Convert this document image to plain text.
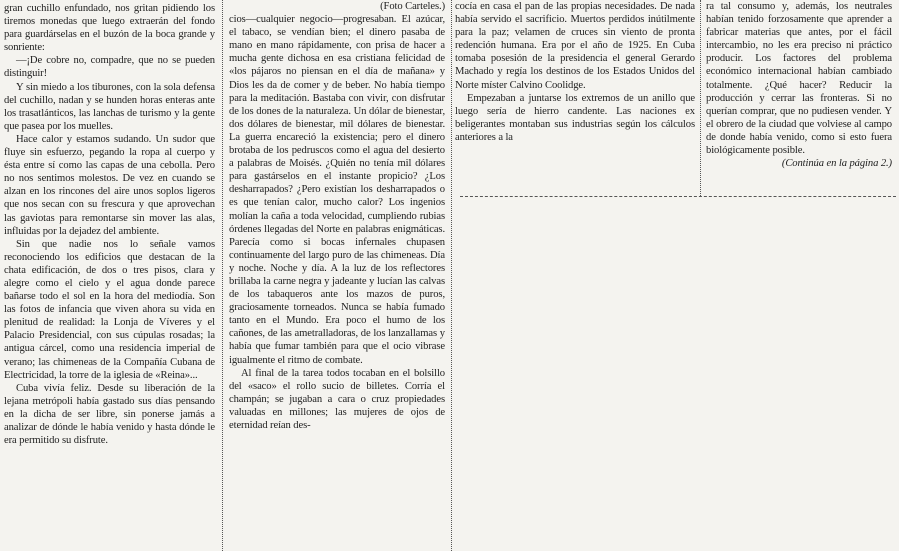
gran cuchillo enfundado, nos gritan pidiendo los tiremos monedas que luego extraerán del fondo para guardárselas en el buzón de la boca grande y sonriente:

—¡De cobre no, compadre, que no se pueden distinguir!

Y sin miedo a los tiburones, con la sola defensa del cuchillo, nadan y se hunden horas enteras ante los trasatlánticos, las lanchas de turismo y la gente que pasea por los muelles.

Hace calor y estamos sudando. Un sudor que fluye sin esfuerzo, pegando la ropa al cuerpo y ésta entre sí como las capas de una cebolla. Pero no nos sentimos molestos. De vez en cuando se alzan en los rincones del aire unos soplos ligeros que nos secan con su frescura y que aprovechan las gaviotas para remontarse sin mover las alas, influidas por la dejadez del ambiente.

Sin que nadie nos lo señale vamos reconociendo los edificios que destacan de la chata edificación, de dos o tres pisos, clara y alegre como el cielo y el agua donde parece bañarse todo el sol en la hora del mediodía. Son las fotos de infancia que viven ahora su vida en plenitud de realidad: la Lonja de Víveres y el Palacio Presidencial, con sus cúpulas rosadas; la antigua cárcel, como una residencia imperial de verano; las chimeneas de la Compañía Cubana de Electricidad, la torre de la iglesia de «Reina»...

Cuba vivía feliz. Desde su liberación de la lejana metrópoli había gastado sus días pensando en la dicha de ser libre, sin ponerse jamás a analizar de dónde le había venido y hasta dónde le era permitido su disfrute.

(Foto Carteles.)

cios—cualquier negocio—progresaban. El azúcar, el tabaco, se vendían bien; el dinero pasaba de mano en mano rápidamente, con prisa de hacer a mucha gente dichosa en esa cristiana felicidad de «los pájaros no piensan en el día de mañana» y Dios les da de comer y de beber. No había tiempo para la meditación. Bastaba con vivir, con disfrutar de los dones de la naturaleza. Un dólar de bienestar, dos dólares de bienestar, mil dólares de bienestar. La guerra encareció la existencia; pero el dinero brotaba de los pedruscos como el agua del desierto a palabras de Moisés. ¿Quién no tenía mil dólares para gastárselos en el instante propicio? ¿Los desharrapados? ¿Pero existían los desharrapados o es que tenían calor, mucho calor? Los ingenios molían la caña a toda velocidad, cumpliendo rubias órdenes llegadas del Norte en palabras enigmáticas. Parecía como si bocas infernales chupasen continuamente del largo puro de las chimeneas. Día y noche. Noche y día. A la luz de los reflectores brillaba la carne negra y jadeante y lucían las calvas de los tabaqueros ante los mazos de puros, graciosamente torneados. Nunca se había fumado tanto en el Mundo. Era poco el humo de los cañones, de las ametralladoras, de los lanzallamas y había que fumar también para que el ocio vibrase igualmente el ritmo de combate.

Al final de la tarea todos tocaban en el bolsillo del «saco» el rollo sucio de billetes. Corría el champán; se jugaban a cara o cruz propiedades valuadas en millones; las mujeres de ojos de eternidad reían des-

cocía en casa el pan de las propias necesidades. De nada había servido el sacrificio. Muertos perdidos inútilmente para la paz; velamen de cruces sin viento de pronta redención humana. Era por el año de 1925. En Cuba tomaba posesión de la presidencia el general Gerardo Machado y regía los destinos de los Estados Unidos del Norte míster Calvino Coolidge.

Empezaban a juntarse los extremos de un anillo que luego sería de hierro candente. Las naciones ex beligerantes montaban sus industrias según los cálculos anteriores a la

ra tal consumo y, además, los neutrales habían tenido forzosamente que aprender a fabricar materias que antes, por el fácil intercambio, no les era preciso ni práctico producir. Los factores del problema económico internacional habían cambiado totalmente. ¿Qué hacer? Reducir la producción y cerrar las fronteras. Si no querían comprar, que no pudiesen vender. Y el obrero de la ciudad que volviese al campo de donde había venido, como si esto fuera biológicamente posible.

(Continúa en la página 2.)
